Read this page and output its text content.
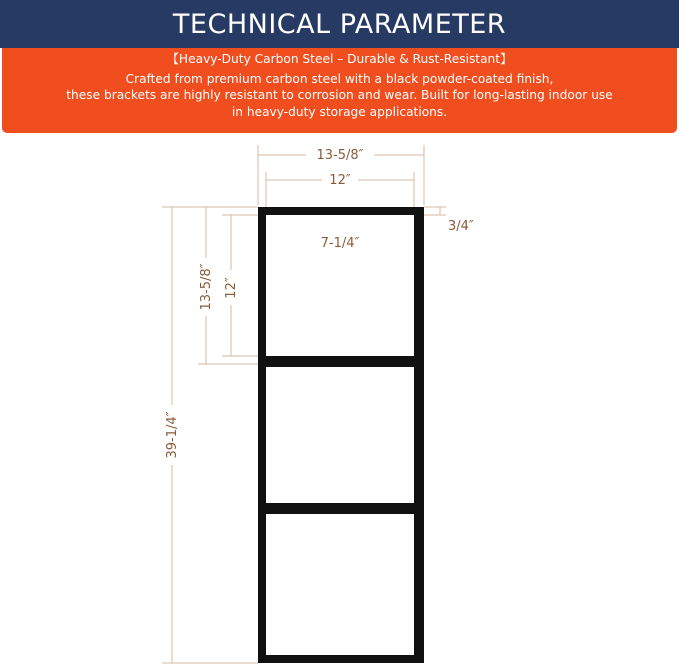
TECHNICAL PARAMETER

【Heavy-Duty Carbon Steel – Durable & Rust-Resistant】

Crafted from premium carbon steel with a black powder-coated finish,

these brackets are highly resistant to corrosion and wear. Built for long-lasting indoor use

in heavy-duty storage applications.

13-5/8″
12″
3/4″
7-1/4″
13-5/8″ 12″
39-1/4″
